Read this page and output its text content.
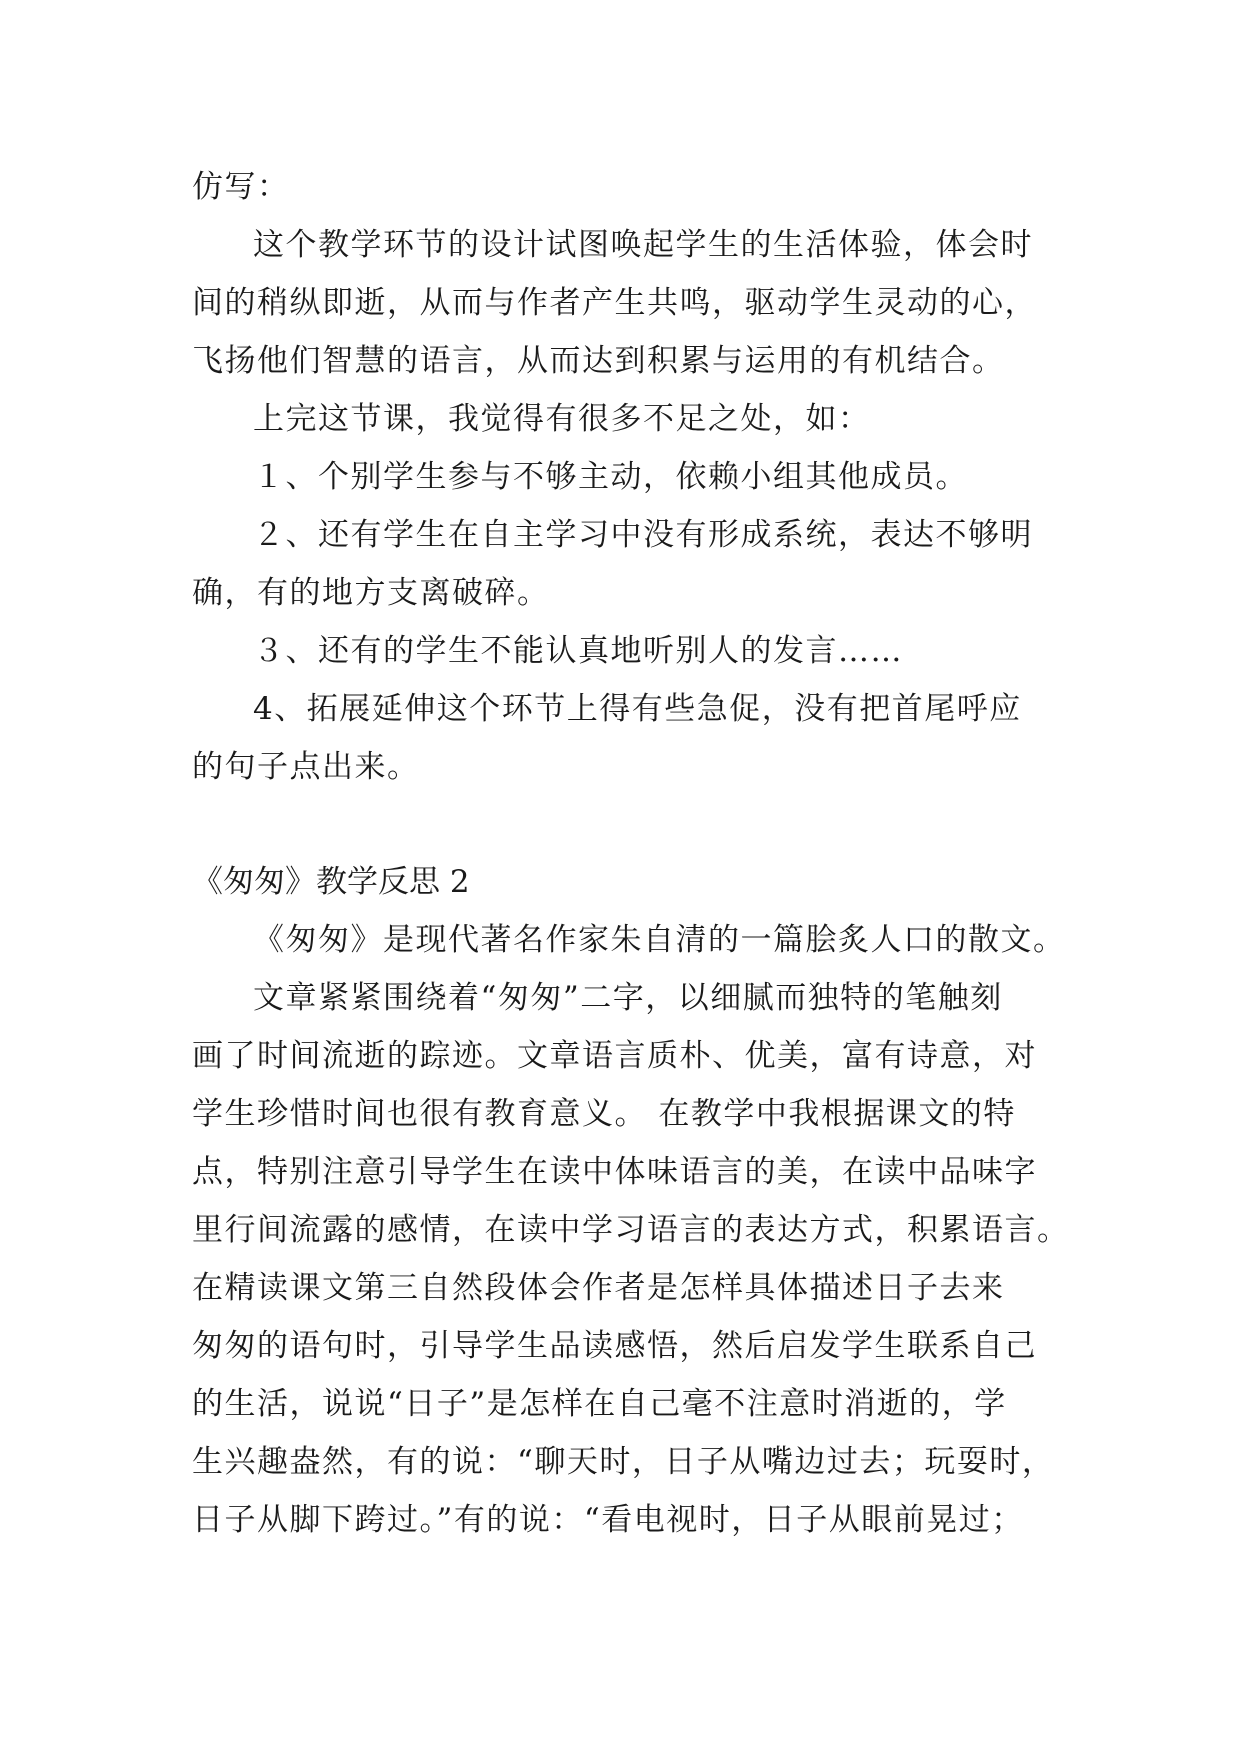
仿写：
这个教学环节的设计试图唤起学生的生活体验，体会时
间的稍纵即逝，从而与作者产生共鸣，驱动学生灵动的心，
飞扬他们智慧的语言，从而达到积累与运用的有机结合。
上完这节课，我觉得有很多不足之处，如：
１、个别学生参与不够主动，依赖小组其他成员。
２、还有学生在自主学习中没有形成系统，表达不够明
确，有的地方支离破碎。
３、还有的学生不能认真地听别人的发言……
4、拓展延伸这个环节上得有些急促，没有把首尾呼应
的句子点出来。
《匆匆》教学反思 2
《匆匆》是现代著名作家朱自清的一篇脍炙人口的散文。
文章紧紧围绕着“匆匆”二字，以细腻而独特的笔触刻
画了时间流逝的踪迹。文章语言质朴、优美，富有诗意，对
学生珍惜时间也很有教育意义。 在教学中我根据课文的特
点，特别注意引导学生在读中体味语言的美，在读中品味字
里行间流露的感情，在读中学习语言的表达方式，积累语言。
在精读课文第三自然段体会作者是怎样具体描述日子去来
匆匆的语句时，引导学生品读感悟，然后启发学生联系自己
的生活，说说“日子”是怎样在自己毫不注意时消逝的，学
生兴趣盎然，有的说：“聊天时，日子从嘴边过去；玩耍时，
日子从脚下跨过。”有的说：“看电视时，日子从眼前晃过；
